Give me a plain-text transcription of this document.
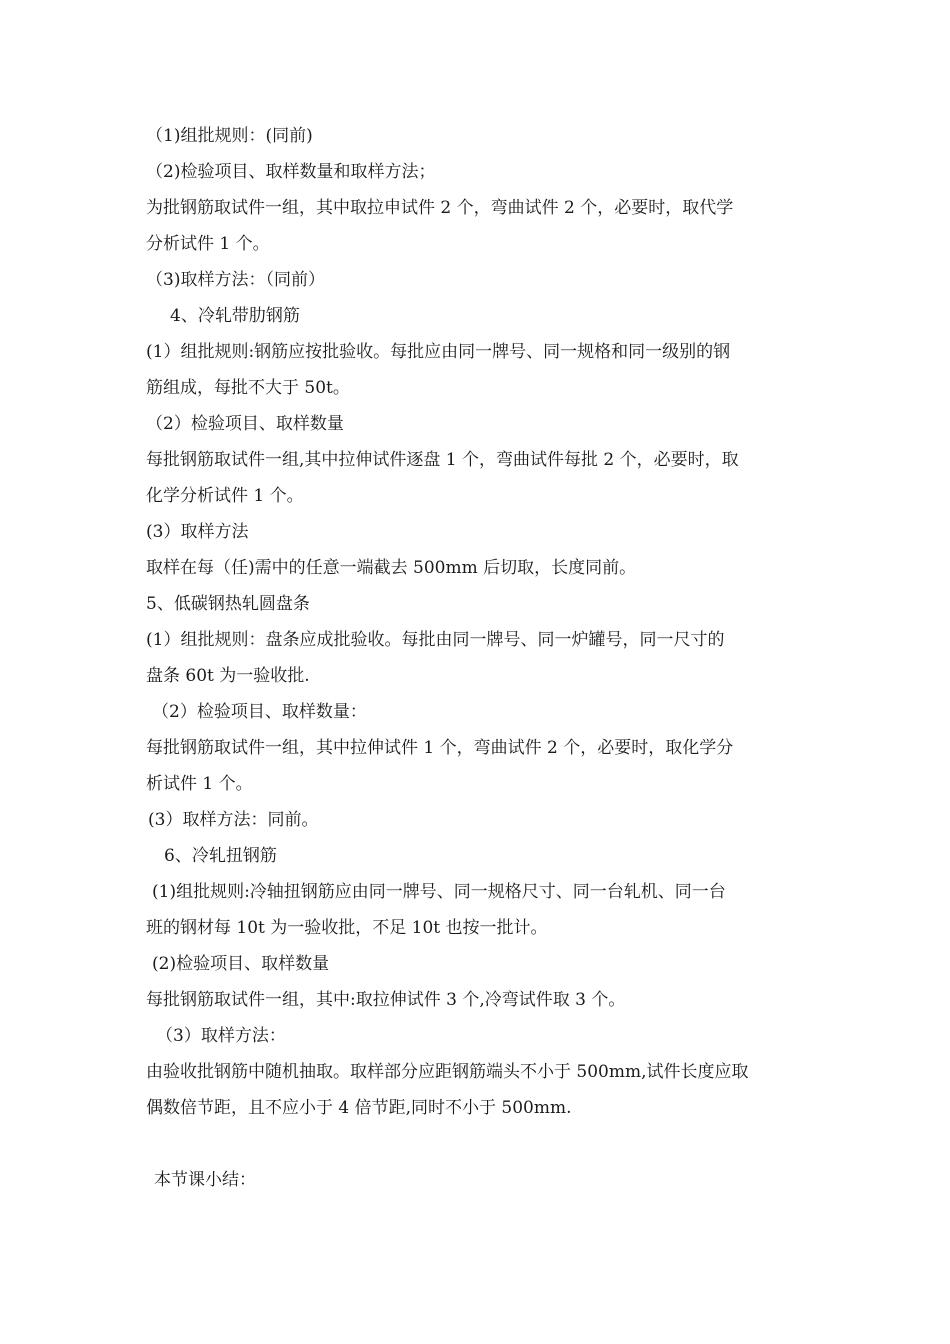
（1)组批规则：(同前)
（2)检验项目、取样数量和取样方法；
为批钢筋取试件一组，其中取拉申试件 2 个，弯曲试件 2 个，必要时，取代学
分析试件 1 个。
（3)取样方法：（同前）
4、冷轧带肋钢筋
(1）组批规则:钢筋应按批验收。每批应由同一牌号、同一规格和同一级别的钢
筋组成，每批不大于 50t。
（2）检验项目、取样数量
每批钢筋取试件一组,其中拉伸试件逐盘 1 个，弯曲试件每批 2 个，必要时，取
化学分析试件 1 个。
(3）取样方法
取样在每（任)需中的任意一端截去 500mm 后切取，长度同前。
5、低碳钢热轧圆盘条
(1）组批规则：盘条应成批验收。每批由同一牌号、同一炉罐号，同一尺寸的
盘条 60t 为一验收批.
（2）检验项目、取样数量：
每批钢筋取试件一组，其中拉伸试件 1 个，弯曲试件 2 个，必要时，取化学分
析试件 1 个。
(3）取样方法：同前。
6、冷轧扭钢筋
(1)组批规则:冷轴扭钢筋应由同一牌号、同一规格尺寸、同一台轧机、同一台
班的钢材每 10t 为一验收批，不足 10t 也按一批计。
(2)检验项目、取样数量
每批钢筋取试件一组，其中:取拉伸试件 3 个,冷弯试件取 3 个。
（3）取样方法：
由验收批钢筋中随机抽取。取样部分应距钢筋端头不小于 500mm,试件长度应取
偶数倍节距，且不应小于 4 倍节距,同时不小于 500mm.
本节课小结：
